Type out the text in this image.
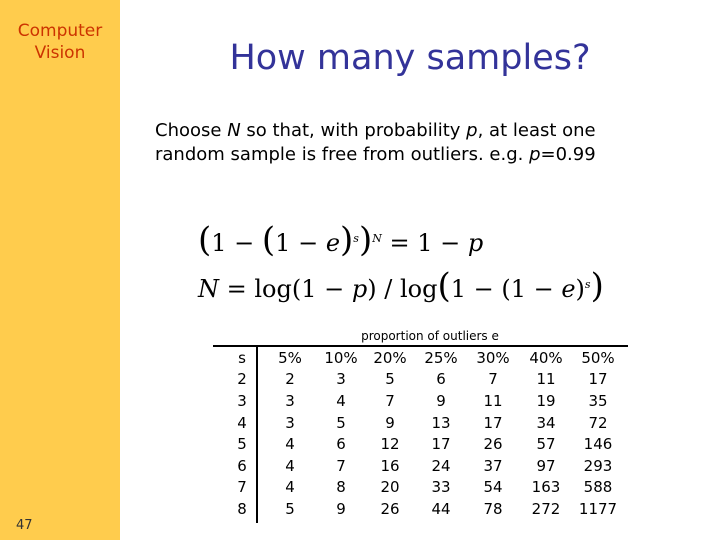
Computer
Vision
47
How many samples?
Choose N so that, with probability p, at least one
random sample is free from outliers. e.g. p=0.99
$(1 - (1 - e)^s)^N = 1 - p$
$N = \log(1 - p) / \log(1 - (1 - e)^s)$
proportion of outliers e
s	5%	10%	20%	25%	30%	40%	50%
2	2	3	5	6	7	11	17
3	3	4	7	9	11	19	35
4	3	5	9	13	17	34	72
5	4	6	12	17	26	57	146
6	4	7	16	24	37	97	293
7	4	8	20	33	54	163	588
8	5	9	26	44	78	272	1177
